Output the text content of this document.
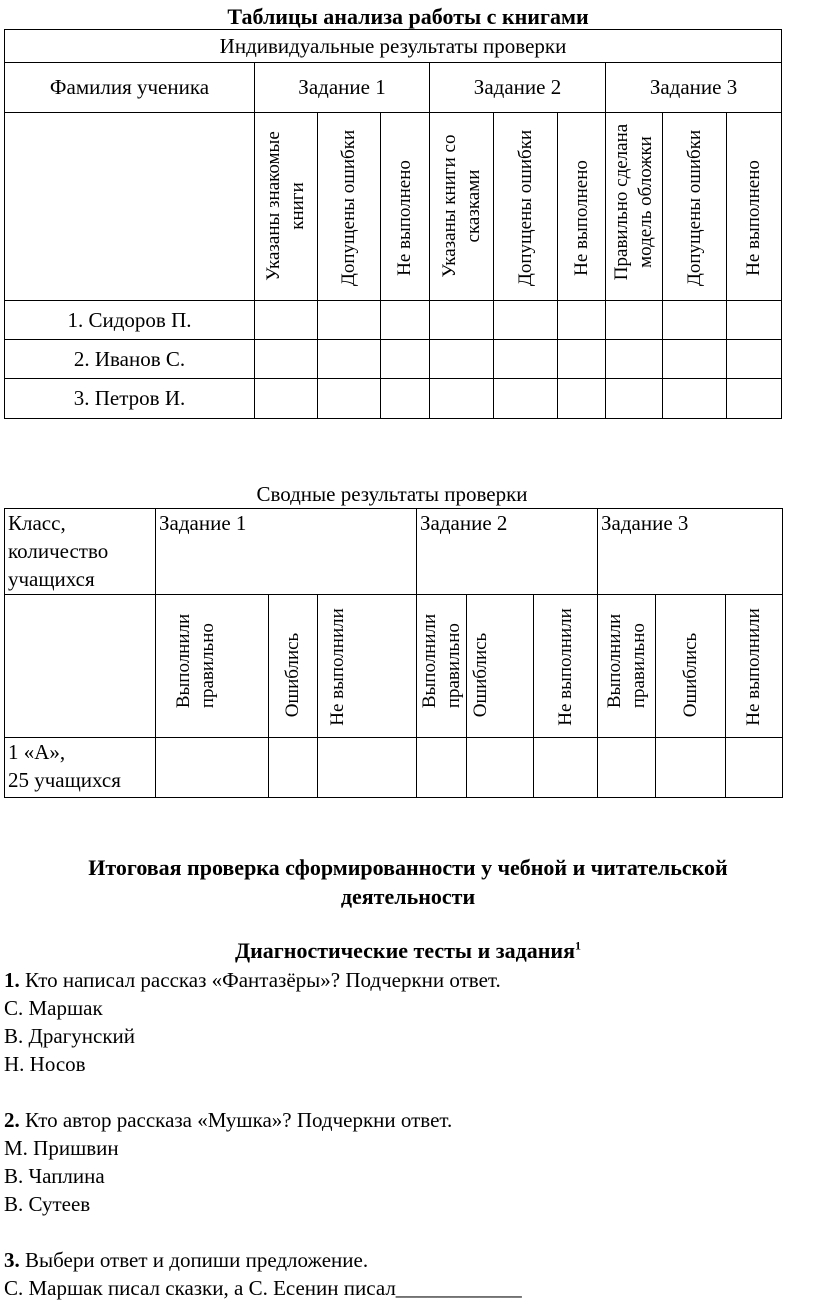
Таблицы анализа работы с книгами
Индивидуальные результаты проверки									
Фамилия ученика	Задание 1			Задание 2			Задание 3		

	Указаны знакомые книги	Допущены ошибки	Не выполнено	Указаны книги со сказками	Допущены ошибки	Не выполнено	Правильно сделана модель обложки	Допущены ошибки	Не выполнено

1. Сидоров П.									
2. Иванов С.									
3. Петров И.									
Сводные результаты проверки
Класс,
количество
учащихся	Задание 1			Задание 2			Задание 3		

	Выполнили правильно	Ошиблись	Не выполнили	Выполнили правильно	Ошиблись	Не выполнили	Выполнили правильно	Ошиблись	Не выполнили

1 «А»,
25 учащихся									

Итоговая проверка сформированности у чебной и читательской
деятельности
Диагностические тесты и задания$^1$

1. Кто написал рассказ «Фантазёры»? Подчеркни ответ.

С. Маршак

В. Драгунский

Н. Носов

2. Кто автор рассказа «Мушка»? Подчеркни ответ.

М. Пришвин

В. Чаплина

В. Сутеев

3. Выбери ответ и допиши предложение.

С. Маршак писал сказки, а С. Есенин писал____________
